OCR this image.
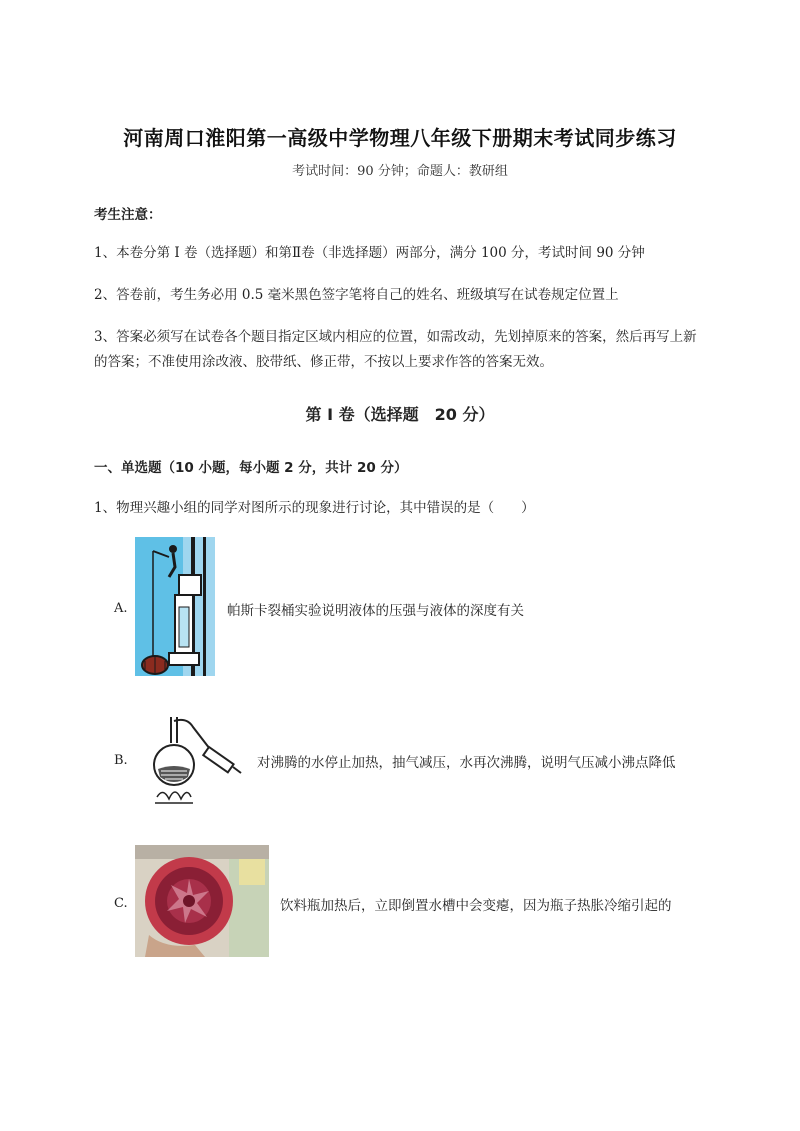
河南周口淮阳第一高级中学物理八年级下册期末考试同步练习
考试时间：90 分钟；命题人：教研组
考生注意：
1、本卷分第 I 卷（选择题）和第Ⅱ卷（非选择题）两部分，满分 100 分，考试时间 90 分钟
2、答卷前，考生务必用 0.5 毫米黑色签字笔将自己的姓名、班级填写在试卷规定位置上
3、答案必须写在试卷各个题目指定区域内相应的位置，如需改动，先划掉原来的答案，然后再写上新的答案；不准使用涂改液、胶带纸、修正带，不按以上要求作答的答案无效。
第 I 卷（选择题　20 分）
一、单选题（10 小题，每小题 2 分，共计 20 分）
1、物理兴趣小组的同学对图所示的现象进行讨论，其中错误的是（　　）
A.	帕斯卡裂桶实验说明液体的压强与液体的深度有关
B.	对沸腾的水停止加热，抽气减压，水再次沸腾，说明气压减小沸点降低
C.	饮料瓶加热后，立即倒置水槽中会变瘪，因为瓶子热胀冷缩引起的
